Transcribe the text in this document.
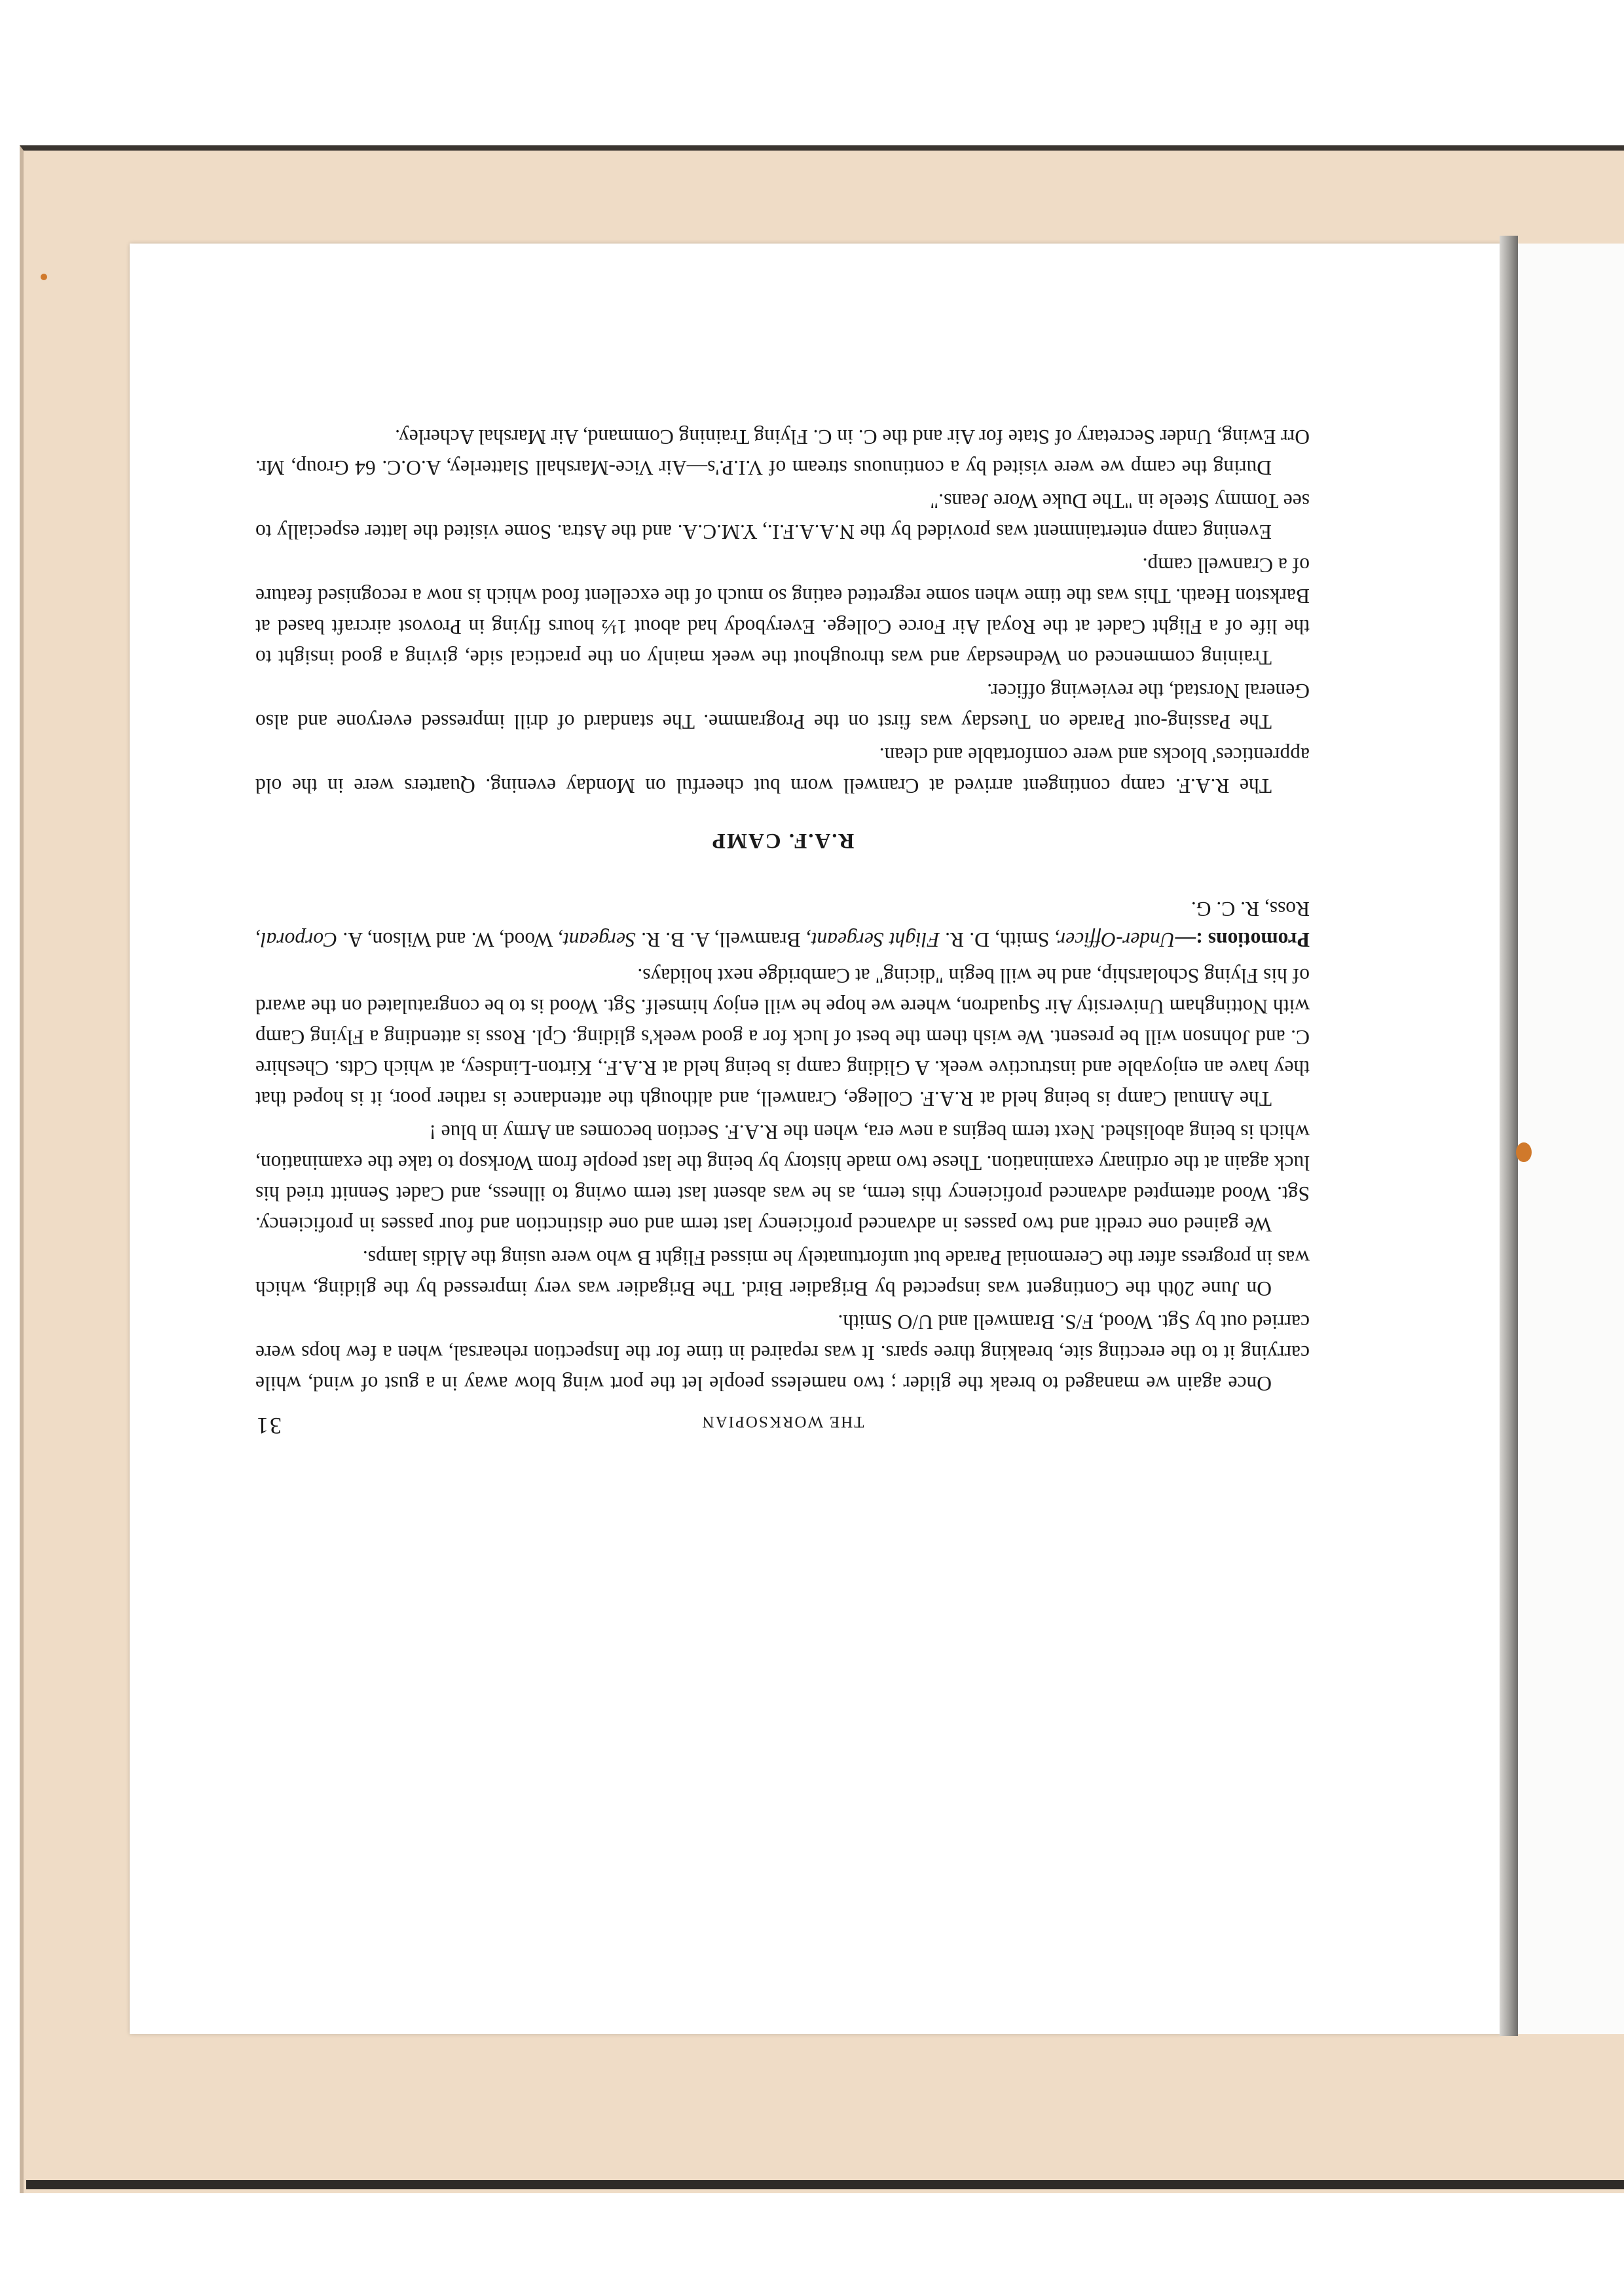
THE WORKSOPIAN
31

Once again we managed to break the glider ; two nameless people let the port wing blow away in a gust of wind, while carrying it to the erecting site, breaking three spars. It was repaired in time for the Inspection rehearsal, when a few hops were carried out by Sgt. Wood, F/S. Bramwell and U/O Smith.

On June 20th the Contingent was inspected by Brigadier Bird. The Brigadier was very impressed by the gliding, which was in progress after the Ceremonial Parade but unfortunately he missed Flight B who were using the Aldis lamps.

We gained one credit and two passes in advanced proficiency last term and one distinction and four passes in proficiency. Sgt. Wood attempted advanced proficiency this term, as he was absent last term owing to illness, and Cadet Sennitt tried his luck again at the ordinary examination. These two made history by being the last people from Worksop to take the examination, which is being abolished. Next term begins a new era, when the R.A.F. Section becomes an Army in blue !

The Annual Camp is being held at R.A.F. College, Cranwell, and although the attendance is rather poor, it is hoped that they have an enjoyable and instructive week. A Gliding camp is being held at R.A.F., Kirton-Lindsey, at which Cdts. Cheshire C. and Johnson will be present. We wish them the best of luck for a good week's gliding. Cpl. Ross is attending a Flying Camp with Nottingham University Air Squadron, where we hope he will enjoy himself. Sgt. Wood is to be congratulated on the award of his Flying Scholarship, and he will begin "dicing" at Cambridge next holidays.

Promotions :—Under-Officer, Smith, D. R. Flight Sergeant, Bramwell, A. B. R. Sergeant, Wood, W. and Wilson, A. Corporal, Ross, R. C. G.

R.A.F. CAMP

The R.A.F. camp contingent arrived at Cranwell worn but cheerful on Monday evening. Quarters were in the old apprentices' blocks and were comfortable and clean.

The Passing-out Parade on Tuesday was first on the Programme. The standard of drill impressed everyone and also General Norstad, the reviewing officer.

Training commenced on Wednesday and was throughout the week mainly on the practical side, giving a good insight to the life of a Flight Cadet at the Royal Air Force College. Everybody had about 1½ hours flying in Provost aircraft based at Barkston Heath. This was the time when some regretted eating so much of the excellent food which is now a recognised feature of a Cranwell camp.

Evening camp entertainment was provided by the N.A.A.F.I., Y.M.C.A. and the Astra. Some visited the latter especially to see Tommy Steele in "The Duke Wore Jeans."

During the camp we were visited by a continuous stream of V.I.P.'s—Air Vice-Marshall Slatterley, A.O.C. 64 Group, Mr. Orr Ewing, Under Secretary of State for Air and the C. in C. Flying Training Command, Air Marshal Acherley.
